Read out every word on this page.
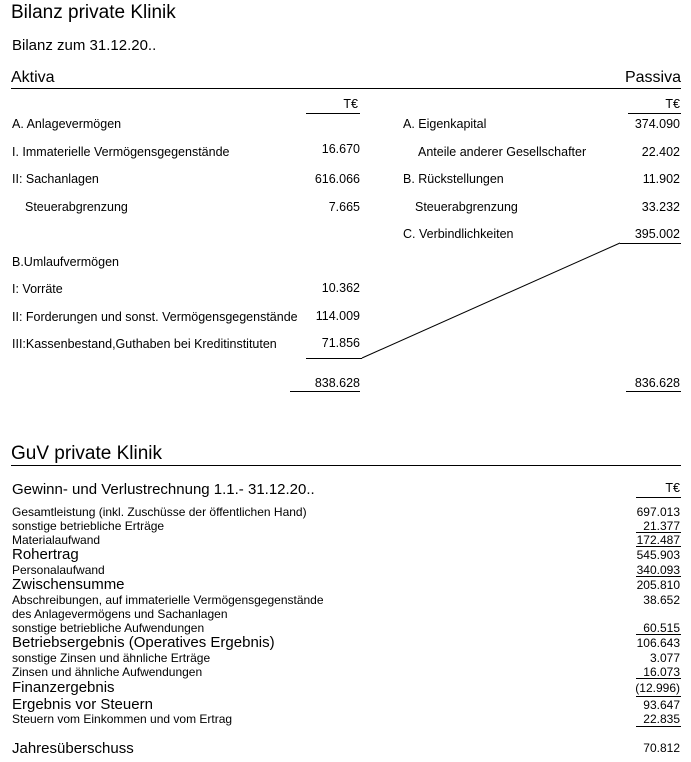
Bilanz private Klinik
Bilanz zum 31.12.20..
Aktiva	Passiva
T€	T€
A. Anlagevermögen
I. Immaterielle Vermögensgegenstände	16.670
II: Sachanlagen	616.066
Steuerabgrenzung	7.665
B.Umlaufvermögen
I: Vorräte	10.362
II: Forderungen und sonst. Vermögensgegenstände	114.009
III:Kassenbestand,Guthaben bei Kreditinstituten	71.856
A. Eigenkapital	374.090
Anteile anderer Gesellschafter	22.402
B. Rückstellungen	11.902
Steuerabgrenzung	33.232
C. Verbindlichkeiten	395.002
838.628	836.628
GuV private Klinik
Gewinn- und Verlustrechnung 1.1.- 31.12.20..	T€
Gesamtleistung (inkl. Zuschüsse der öffentlichen Hand)	697.013
sonstige betriebliche Erträge	21.377
Materialaufwand	172.487
Rohertrag	545.903
Personalaufwand	340.093
Zwischensumme	205.810
Abschreibungen, auf immaterielle Vermögensgegenstände	38.652
des Anlagevermögens und Sachanlagen
sonstige betriebliche Aufwendungen	60.515
Betriebsergebnis (Operatives Ergebnis)	106.643
sonstige Zinsen und ähnliche Erträge	3.077
Zinsen und ähnliche Aufwendungen	16.073
Finanzergebnis	(12.996)
Ergebnis vor Steuern	93.647
Steuern vom Einkommen und vom Ertrag	22.835
Jahresüberschuss	70.812
